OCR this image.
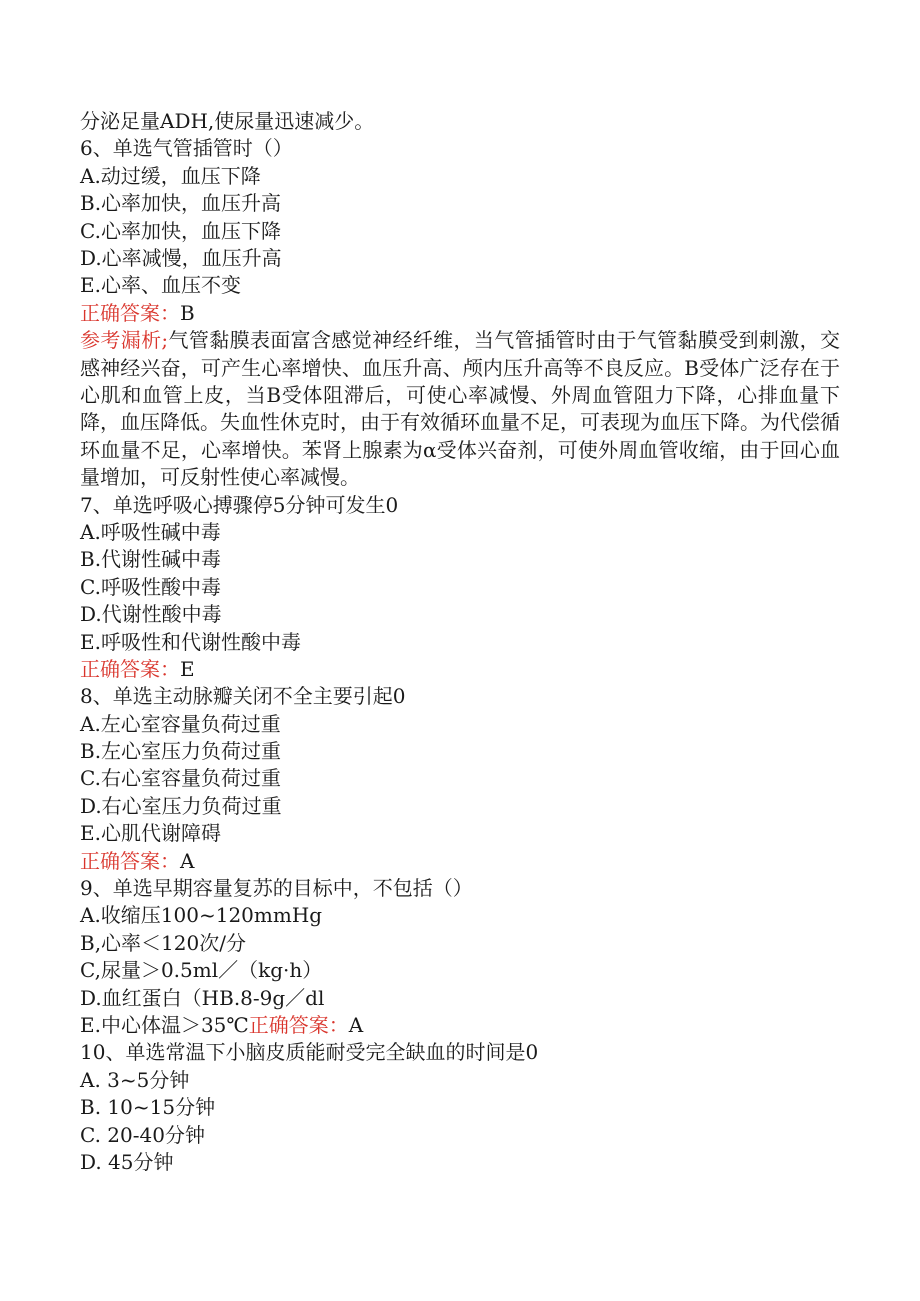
分泌足量ADH,使尿量迅速减少。
6、单选气管插管时（）
A.动过缓，血压下降
B.心率加快，血压升高
C.心率加快，血压下降
D.心率减慢，血压升高
E.心率、血压不变
正确答案：B
参考漏析;气管黏膜表面富含感觉神经纤维，当气管插管时由于气管黏膜受到刺激，交感神经兴奋，可产生心率增快、血压升高、颅内压升高等不良反应。B受体广泛存在于心肌和血管上皮，当B受体阻滞后，可使心率减慢、外周血管阻力下降，心排血量下降，血压降低。失血性休克时，由于有效循环血量不足，可表现为血压下降。为代偿循环血量不足，心率增快。苯肾上腺素为α受体兴奋剂，可使外周血管收缩，由于回心血量增加，可反射性使心率减慢。
7、单选呼吸心搏骤停5分钟可发生0
A.呼吸性碱中毒
B.代谢性碱中毒
C.呼吸性酸中毒
D.代谢性酸中毒
E.呼吸性和代谢性酸中毒
正确答案：E
8、单选主动脉瓣关闭不全主要引起0
A.左心室容量负荷过重
B.左心室压力负荷过重
C.右心室容量负荷过重
D.右心室压力负荷过重
E.心肌代谢障碍
正确答案：A
9、单选早期容量复苏的目标中，不包括（）
A.收缩压100~120mmHg
B,心率＜120次/分
C,尿量＞0.5ml／（kg·h）
D.血红蛋白（HB.8-9g／dl
E.中心体温＞35℃正确答案：A
10、单选常温下小脑皮质能耐受完全缺血的时间是0
A. 3~5分钟
B. 10~15分钟
C. 20-40分钟
D. 45分钟
